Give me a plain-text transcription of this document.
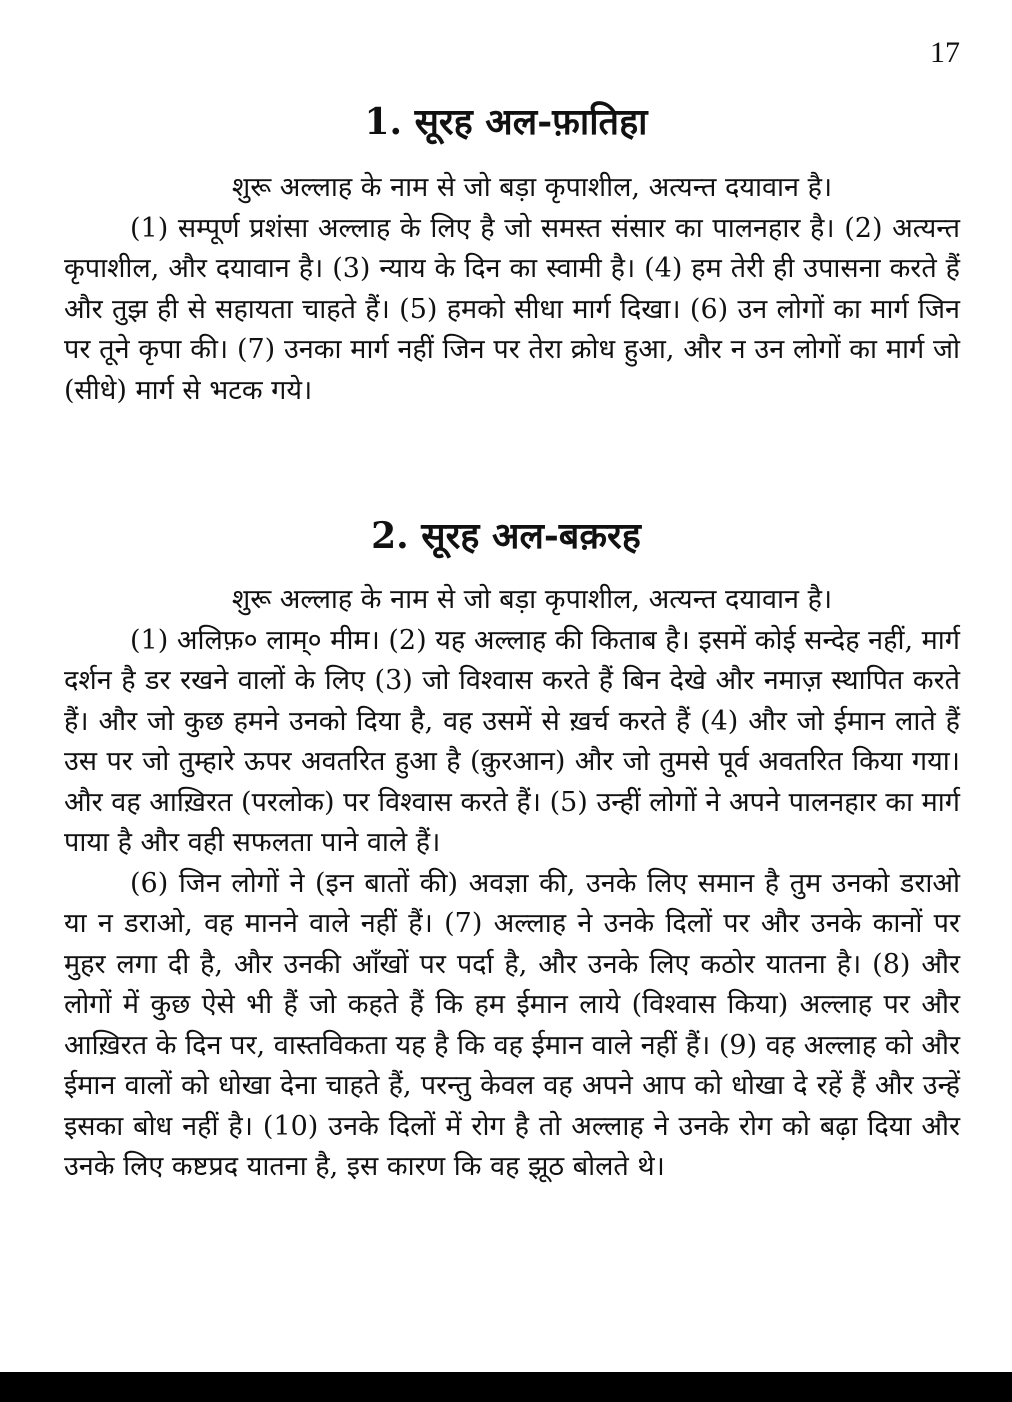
17
1. सूरह अल-फ़ातिहा

शुरू अल्लाह के नाम से जो बड़ा कृपाशील, अत्यन्त दयावान है।

(1) सम्पूर्ण प्रशंसा अल्लाह के लिए है जो समस्त संसार का पालनहार है। (2) अत्यन्त कृपाशील, और दयावान है। (3) न्याय के दिन का स्वामी है। (4) हम तेरी ही उपासना करते हैं और तुझ ही से सहायता चाहते हैं। (5) हमको सीधा मार्ग दिखा। (6) उन लोगों का मार्ग जिन पर तूने कृपा की। (7) उनका मार्ग नहीं जिन पर तेरा क्रोध हुआ, और न उन लोगों का मार्ग जो (सीधे) मार्ग से भटक गये।

2. सूरह अल-बक़रह

शुरू अल्लाह के नाम से जो बड़ा कृपाशील, अत्यन्त दयावान है।

(1) अलिफ़० लाम्० मीम। (2) यह अल्लाह की किताब है। इसमें कोई सन्देह नहीं, मार्ग दर्शन है डर रखने वालों के लिए (3) जो विश्वास करते हैं बिन देखे और नमाज़ स्थापित करते हैं। और जो कुछ हमने उनको दिया है, वह उसमें से ख़र्च करते हैं (4) और जो ईमान लाते हैं उस पर जो तुम्हारे ऊपर अवतरित हुआ है (क़ुरआन) और जो तुमसे पूर्व अवतरित किया गया। और वह आख़िरत (परलोक) पर विश्वास करते हैं। (5) उन्हीं लोगों ने अपने पालनहार का मार्ग पाया है और वही सफलता पाने वाले हैं।

(6) जिन लोगों ने (इन बातों की) अवज्ञा की, उनके लिए समान है तुम उनको डराओ या न डराओ, वह मानने वाले नहीं हैं। (7) अल्लाह ने उनके दिलों पर और उनके कानों पर मुहर लगा दी है, और उनकी आँखों पर पर्दा है, और उनके लिए कठोर यातना है। (8) और लोगों में कुछ ऐसे भी हैं जो कहते हैं कि हम ईमान लाये (विश्वास किया) अल्लाह पर और आख़िरत के दिन पर, वास्तविकता यह है कि वह ईमान वाले नहीं हैं। (9) वह अल्लाह को और ईमान वालों को धोखा देना चाहते हैं, परन्तु केवल वह अपने आप को धोखा दे रहें हैं और उन्हें इसका बोध नहीं है। (10) उनके दिलों में रोग है तो अल्लाह ने उनके रोग को बढ़ा दिया और उनके लिए कष्टप्रद यातना है, इस कारण कि वह झूठ बोलते थे।
